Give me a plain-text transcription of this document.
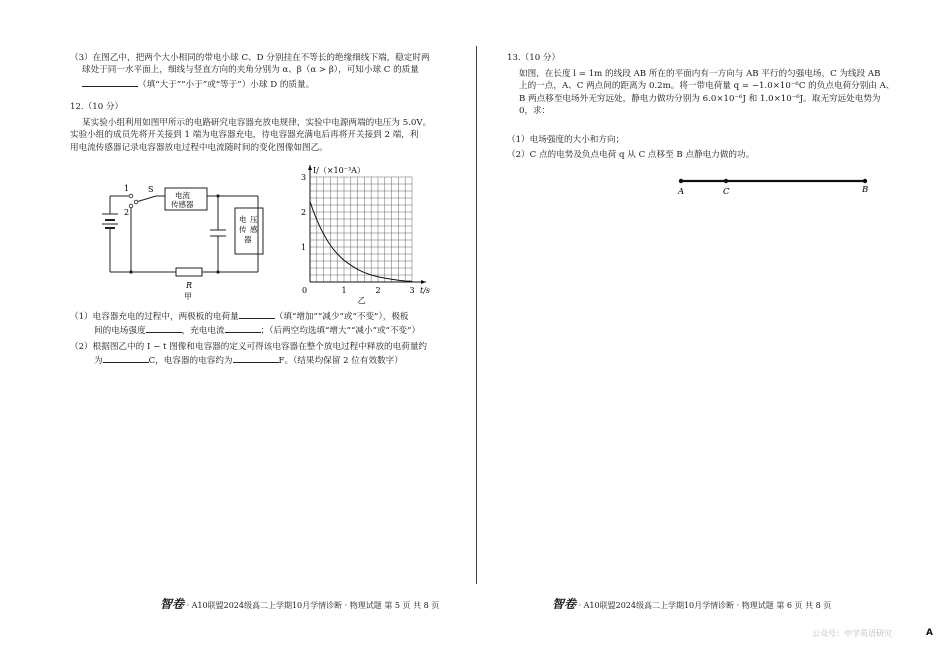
（3）在图乙中，把两个大小相同的带电小球 C、D 分别挂在不等长的绝缘细线下端，稳定时两
球处于同一水平面上，细线与竖直方向的夹角分别为 α、β（α > β），可知小球 C 的质量
（填“大于”“小于”或“等于”）小球 D 的质量。
12.（10 分）
某实验小组利用如图甲所示的电路研究电容器充放电规律，实验中电源两端的电压为 5.0V。
实验小组的成员先将开关接到 1 端为电容器充电，待电容器充满电后再将开关接到 2 端，利
用电流传感器记录电容器放电过程中电流随时间的变化图像如图乙。
1
2
S
电流
传感器
电 压
传 感
器
R
甲
0	1	2	3
1
2
3
t/s
I/（×10⁻³A）
乙
（1）电容器充电的过程中，两极板的电荷量	（填“增加”“减少”或“不变”），极板
间的电场强度	，充电电流	；（后两空均选填“增大”“减小”或“不变”）
（2）根据图乙中的 I − t 图像和电容器的定义可得该电容器在整个放电过程中释放的电荷量约
为	C，电容器的电容约为	F。（结果均保留 2 位有效数字）
智卷 · A10联盟2024级高二上学期10月学情诊断 · 物理试题 第 5 页 共 8 页
13.（10 分）
如图，在长度 l = 1m 的线段 AB 所在的平面内有一方向与 AB 平行的匀强电场，C 为线段 AB
上的一点，A、C 两点间的距离为 0.2m。将一带电荷量 q = −1.0×10⁻⁶C 的负点电荷分别由 A、
B 两点移至电场外无穷远处，静电力做功分别为 6.0×10⁻⁶J 和 1.0×10⁻⁶J。取无穷远处电势为
0，求：
（1）电场强度的大小和方向；
（2）C 点的电势及负点电荷 q 从 C 点移至 B 点静电力做的功。
A	C	B
智卷 · A10联盟2024级高二上学期10月学情诊断 · 物理试题 第 6 页 共 8 页
公众号：中学英语研究	A
